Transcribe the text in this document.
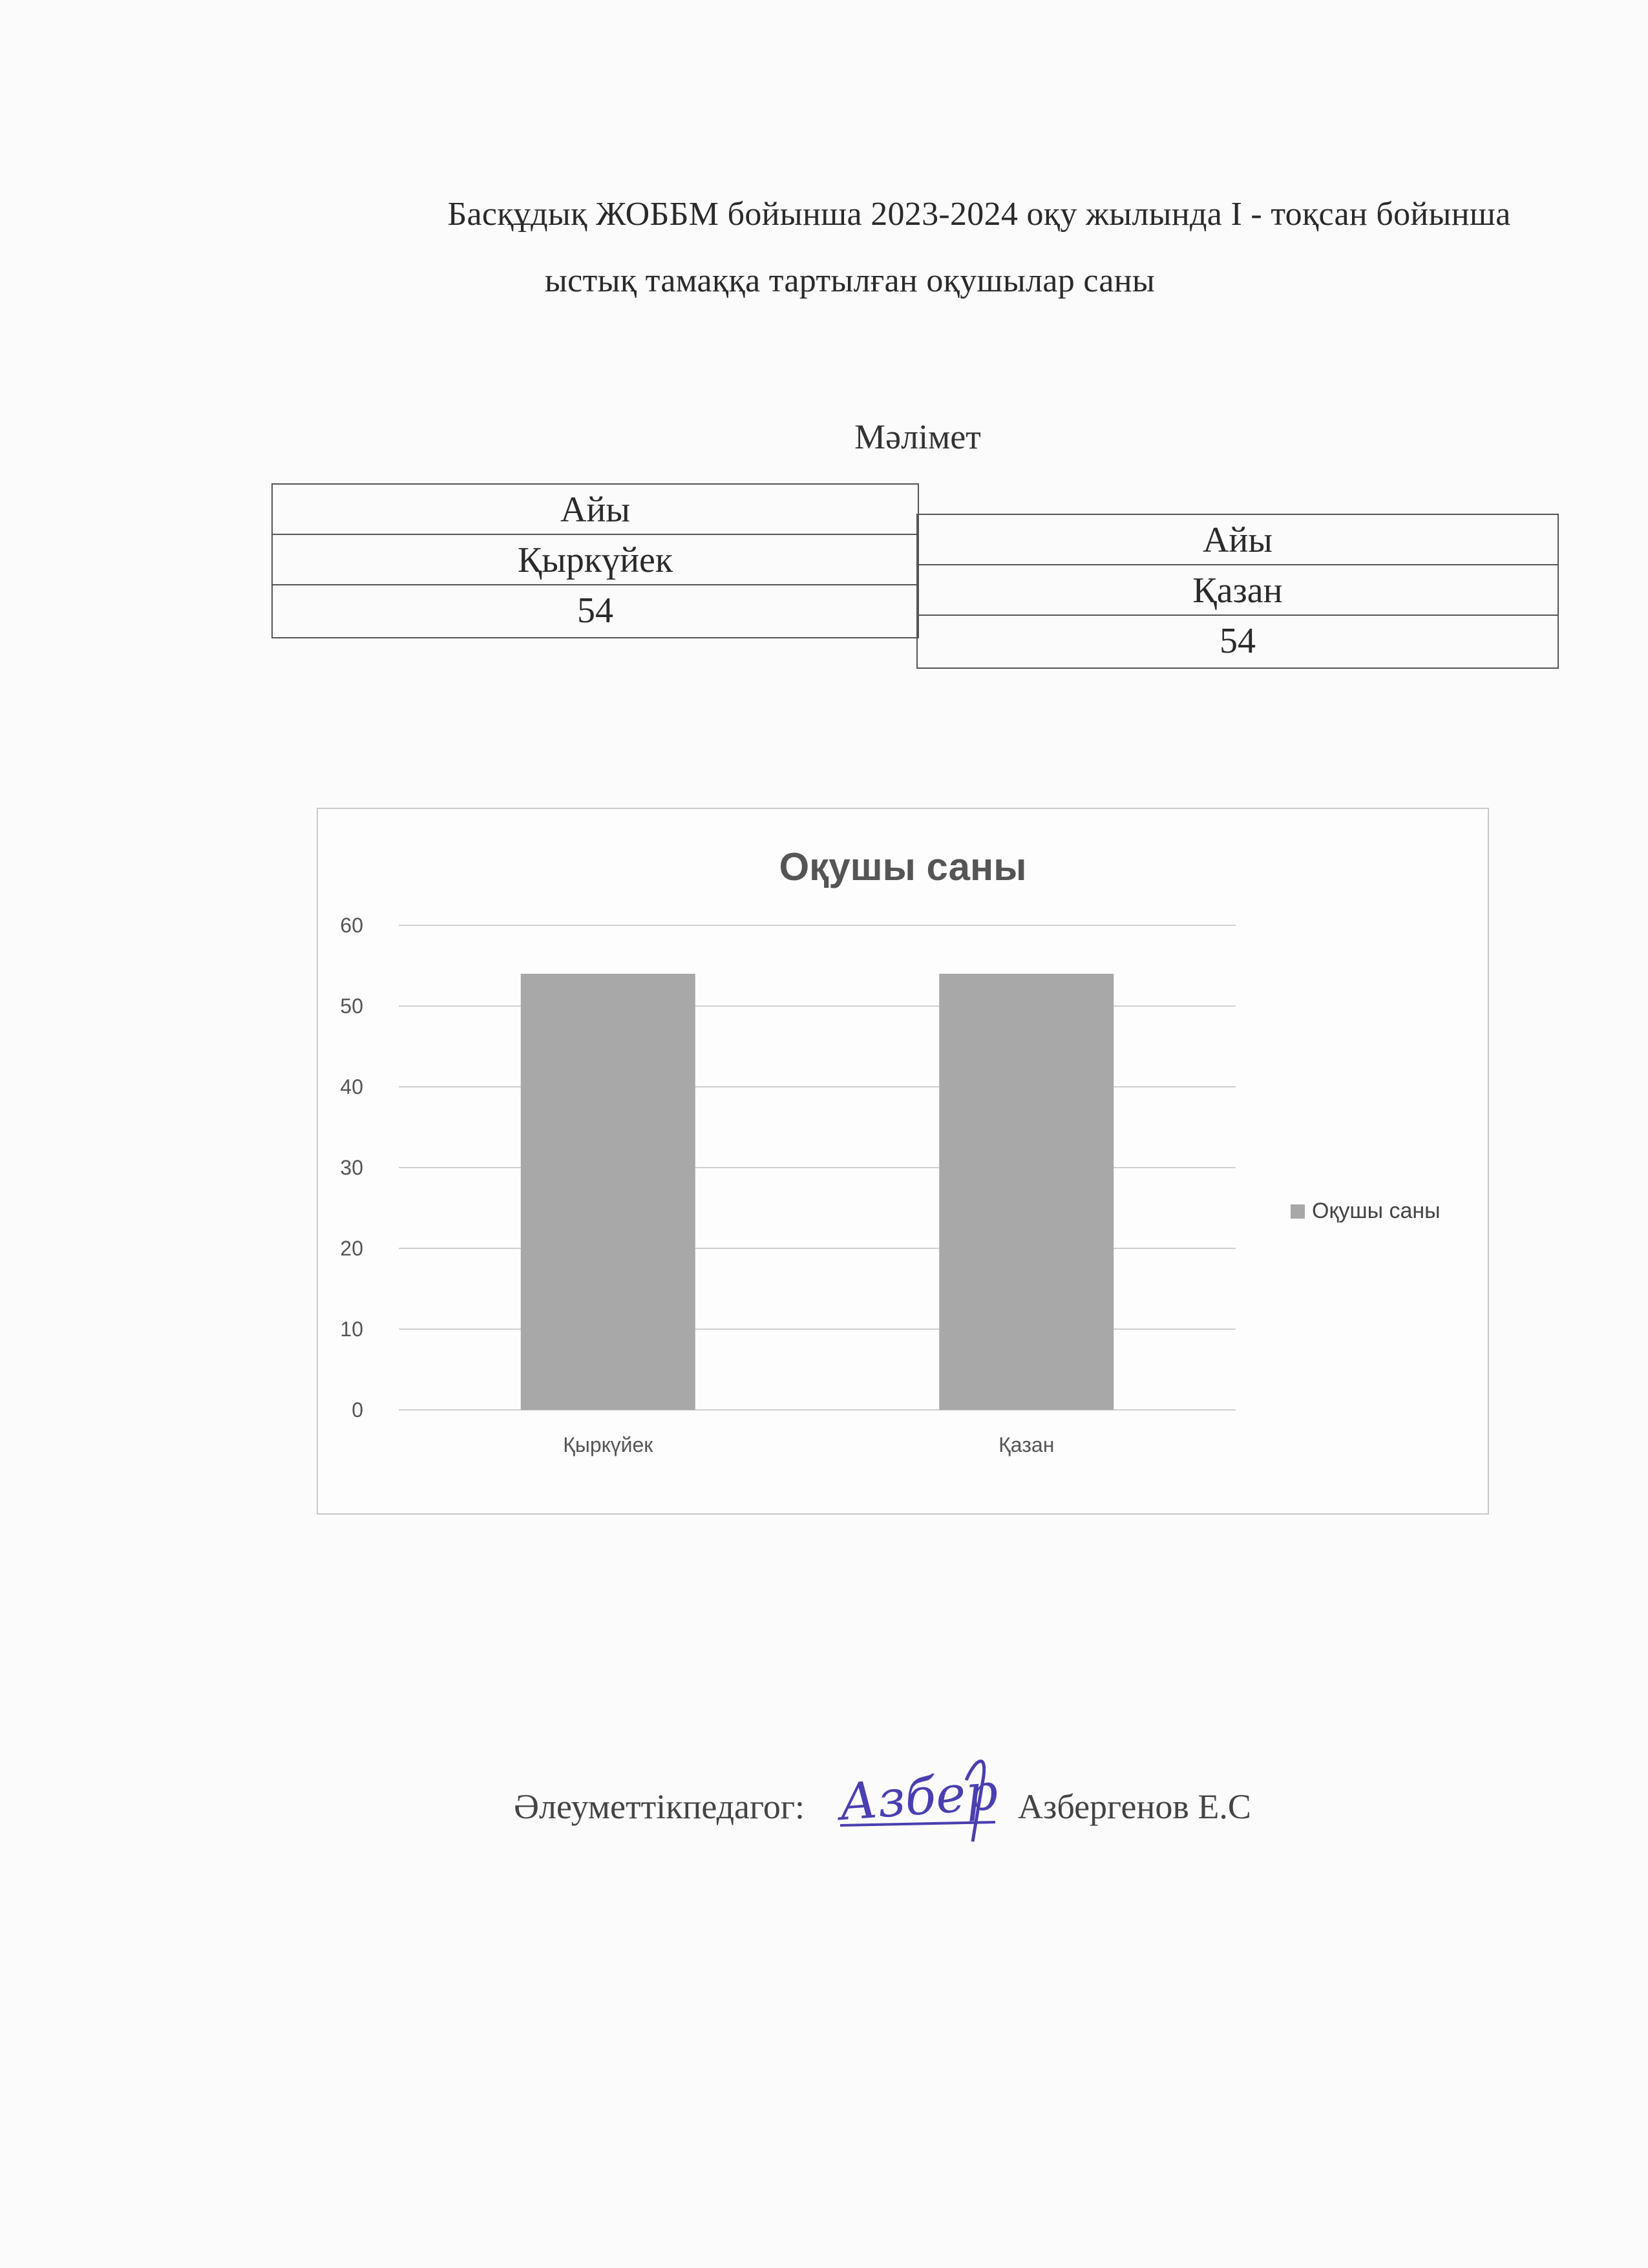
Басқұдық ЖОББМ бойынша 2023-2024 оқу жылында І - тоқсан бойынша
ыстық тамаққа тартылған оқушылар саны
Мәлімет
Айы
Қыркүйек
54
Айы
Қазан
54
Оқушы саны
0
10
20
30
40
50
60
Қыркүйек	Қазан
Оқушы саны
Әлеуметтікпедагог:	Азбергенов Е.С
Азбер
